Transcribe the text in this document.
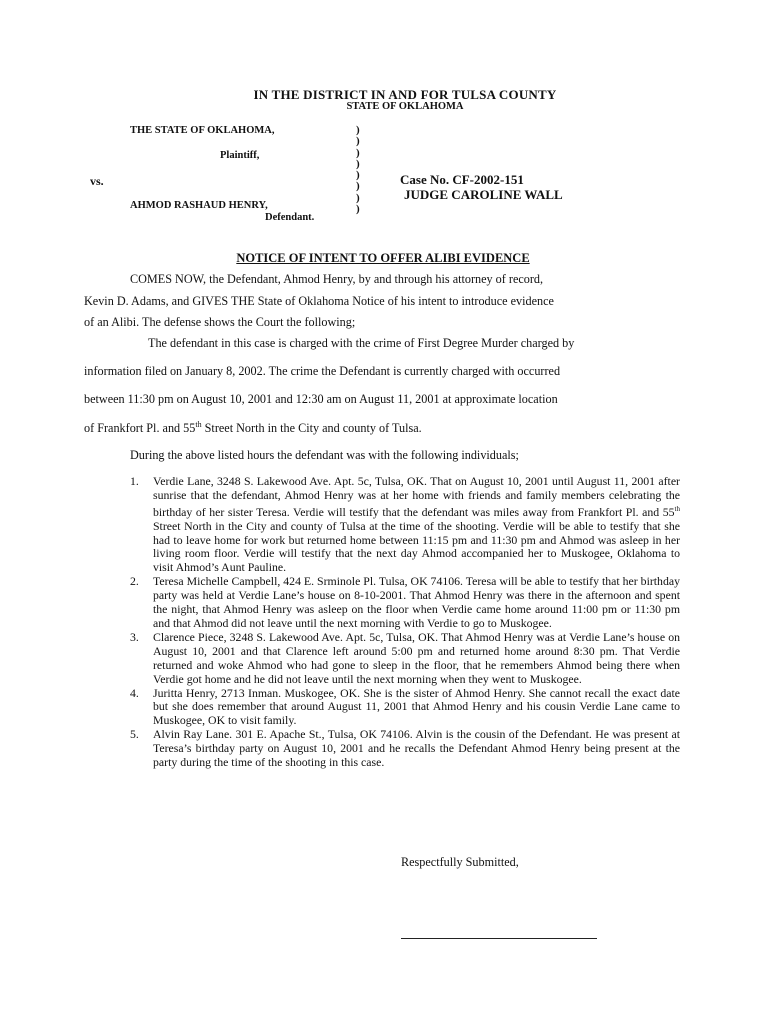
IN THE DISTRICT IN AND FOR TULSA COUNTY
STATE OF OKLAHOMA
THE STATE OF OKLAHOMA,
Plaintiff,
vs.
AHMOD RASHAUD HENRY,
Defendant.
)
)
)
)
)
)
)
)
Case No. CF-2002-151
JUDGE CAROLINE WALL
NOTICE OF INTENT TO OFFER ALIBI EVIDENCE
COMES NOW, the Defendant, Ahmod Henry, by and through his attorney of record,
Kevin D. Adams, and GIVES THE State of Oklahoma Notice of his intent to introduce evidence
of an Alibi. The defense shows the Court the following;
The defendant in this case is charged with the crime of First Degree Murder charged by
information filed on January 8, 2002. The crime the Defendant is currently charged with occurred
between 11:30 pm on August 10, 2001 and 12:30 am on August 11, 2001 at approximate location
of Frankfort Pl. and 55th Street North in the City and county of Tulsa.
During the above listed hours the defendant was with the following individuals;
1. Verdie Lane, 3248 S. Lakewood Ave. Apt. 5c, Tulsa, OK. That on August 10, 2001 until August 11, 2001 after sunrise that the defendant, Ahmod Henry was at her home with friends and family members celebrating the birthday of her sister Teresa. Verdie will testify that the defendant was miles away from Frankfort Pl. and 55th Street North in the City and county of Tulsa at the time of the shooting. Verdie will be able to testify that she had to leave home for work but returned home between 11:15 pm and 11:30 pm and Ahmod was asleep in her living room floor. Verdie will testify that the next day Ahmod accompanied her to Muskogee, Oklahoma to visit Ahmod’s Aunt Pauline.
2. Teresa Michelle Campbell, 424 E. Srminole Pl. Tulsa, OK 74106. Teresa will be able to testify that her birthday party was held at Verdie Lane’s house on 8-10-2001. That Ahmod Henry was there in the afternoon and spent the night, that Ahmod Henry was asleep on the floor when Verdie came home around 11:00 pm or 11:30 pm and that Ahmod did not leave until the next morning with Verdie to go to Muskogee.
3. Clarence Piece, 3248 S. Lakewood Ave. Apt. 5c, Tulsa, OK. That Ahmod Henry was at Verdie Lane’s house on August 10, 2001 and that Clarence left around 5:00 pm and returned home around 8:30 pm. That Verdie returned and woke Ahmod who had gone to sleep in the floor, that he remembers Ahmod being there when Verdie got home and he did not leave until the next morning when they went to Muskogee.
4. Juritta Henry, 2713 Inman. Muskogee, OK. She is the sister of Ahmod Henry. She cannot recall the exact date but she does remember that around August 11, 2001 that Ahmod Henry and his cousin Verdie Lane came to Muskogee, OK to visit family.
5. Alvin Ray Lane. 301 E. Apache St., Tulsa, OK 74106. Alvin is the cousin of the Defendant. He was present at Teresa’s birthday party on August 10, 2001 and he recalls the Defendant Ahmod Henry being present at the party during the time of the shooting in this case.
Respectfully Submitted,
